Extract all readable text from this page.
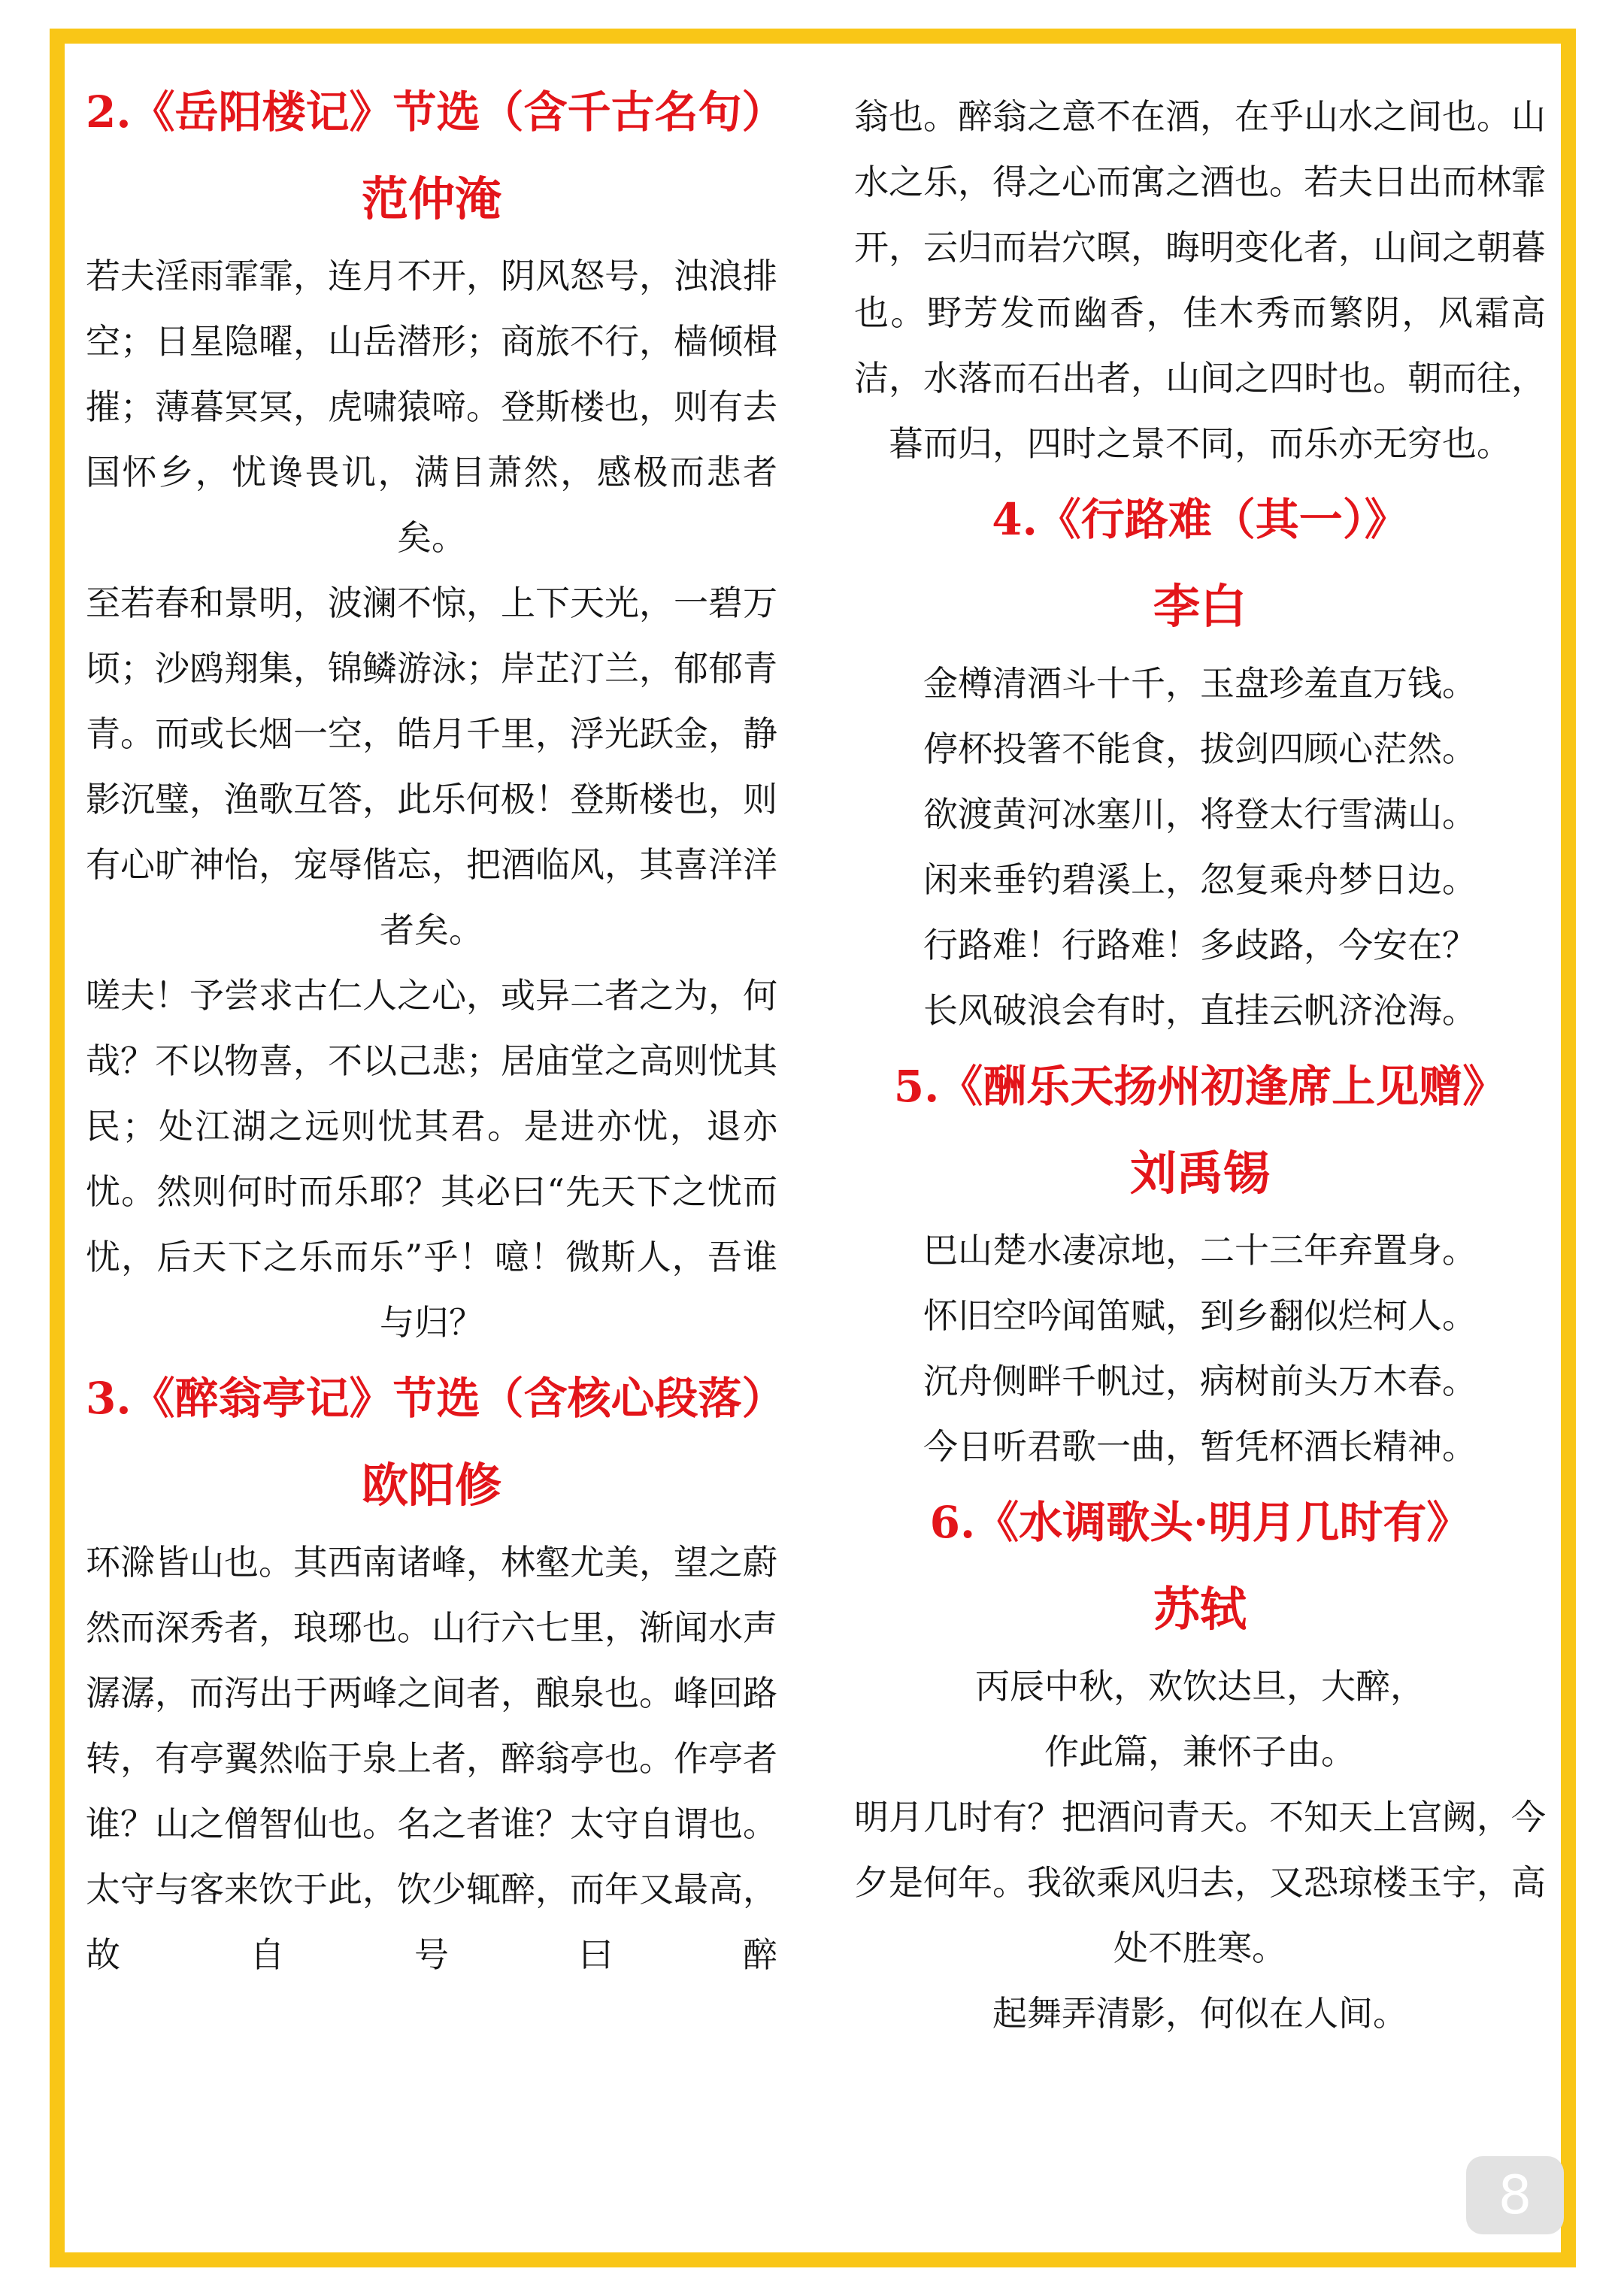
2.《岳阳楼记》节选（含千古名句）
范仲淹

若夫淫雨霏霏，连月不开，阴风怒号，浊浪排空；日星隐曜，山岳潜形；商旅不行，樯倾楫摧；薄暮冥冥，虎啸猿啼。登斯楼也，则有去国怀乡，忧谗畏讥，满目萧然，感极而悲者矣。

至若春和景明，波澜不惊，上下天光，一碧万顷；沙鸥翔集，锦鳞游泳；岸芷汀兰，郁郁青青。而或长烟一空，皓月千里，浮光跃金，静影沉璧，渔歌互答，此乐何极！登斯楼也，则有心旷神怡，宠辱偕忘，把酒临风，其喜洋洋者矣。

嗟夫！予尝求古仁人之心，或异二者之为，何哉？不以物喜，不以己悲；居庙堂之高则忧其民；处江湖之远则忧其君。是进亦忧，退亦忧。然则何时而乐耶？其必曰“先天下之忧而忧，后天下之乐而乐”乎！噫！微斯人，吾谁与归？

3.《醉翁亭记》节选（含核心段落）
欧阳修

环滁皆山也。其西南诸峰，林壑尤美，望之蔚然而深秀者，琅琊也。山行六七里，渐闻水声潺潺，而泻出于两峰之间者，酿泉也。峰回路转，有亭翼然临于泉上者，醉翁亭也。作亭者谁？山之僧智仙也。名之者谁？太守自谓也。太守与客来饮于此，饮少辄醉，而年又最高，故自号曰醉

翁也。醉翁之意不在酒，在乎山水之间也。山水之乐，得之心而寓之酒也。若夫日出而林霏开，云归而岩穴暝，晦明变化者，山间之朝暮也。野芳发而幽香，佳木秀而繁阴，风霜高洁，水落而石出者，山间之四时也。朝而往，暮而归，四时之景不同，而乐亦无穷也。

4.《行路难（其一）》
李白

金樽清酒斗十千，玉盘珍羞直万钱。

停杯投箸不能食，拔剑四顾心茫然。

欲渡黄河冰塞川，将登太行雪满山。

闲来垂钓碧溪上，忽复乘舟梦日边。

行路难！行路难！多歧路，今安在？

长风破浪会有时，直挂云帆济沧海。

5.《酬乐天扬州初逢席上见赠》
刘禹锡

巴山楚水凄凉地，二十三年弃置身。

怀旧空吟闻笛赋，到乡翻似烂柯人。

沉舟侧畔千帆过，病树前头万木春。

今日听君歌一曲，暂凭杯酒长精神。

6.《水调歌头·明月几时有》
苏轼

丙辰中秋，欢饮达旦，大醉，

作此篇，兼怀子由。

明月几时有？把酒问青天。不知天上宫阙，今夕是何年。我欲乘风归去，又恐琼楼玉宇，高处不胜寒。

起舞弄清影，何似在人间。

8
